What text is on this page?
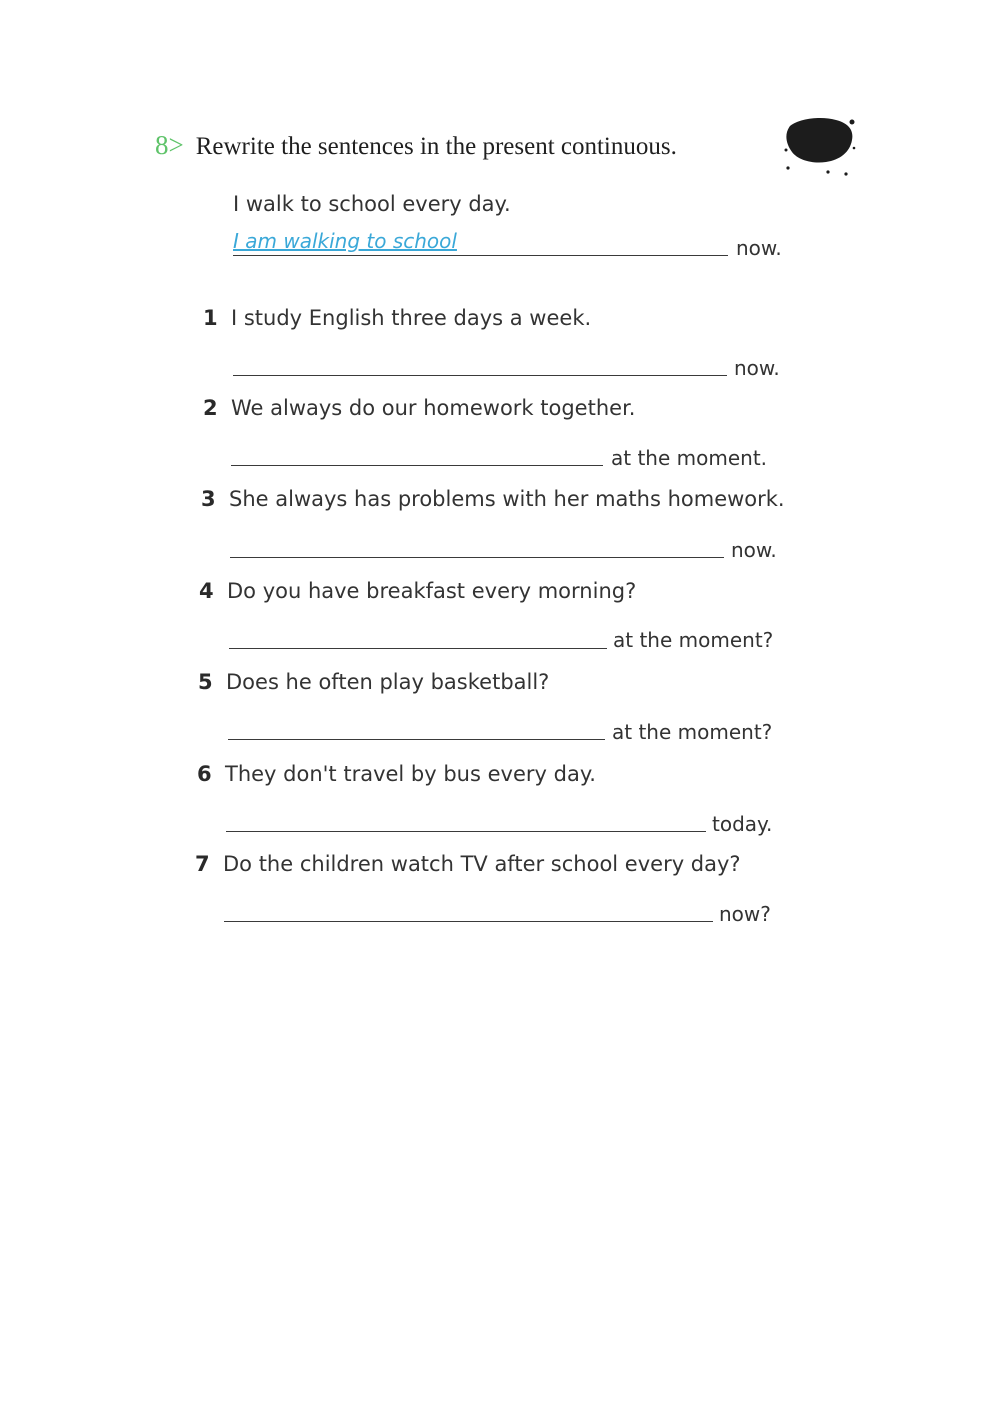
8> Rewrite the sentences in the present continuous.
I walk to school every day.
I am walking to school	now.
1 I study English three days a week.
now.
2 We always do our homework together.
at the moment.
3 She always has problems with her maths homework.
now.
4 Do you have breakfast every morning?
at the moment?
5 Does he often play basketball?
at the moment?
6 They don't travel by bus every day.
today.
7 Do the children watch TV after school every day?
now?
